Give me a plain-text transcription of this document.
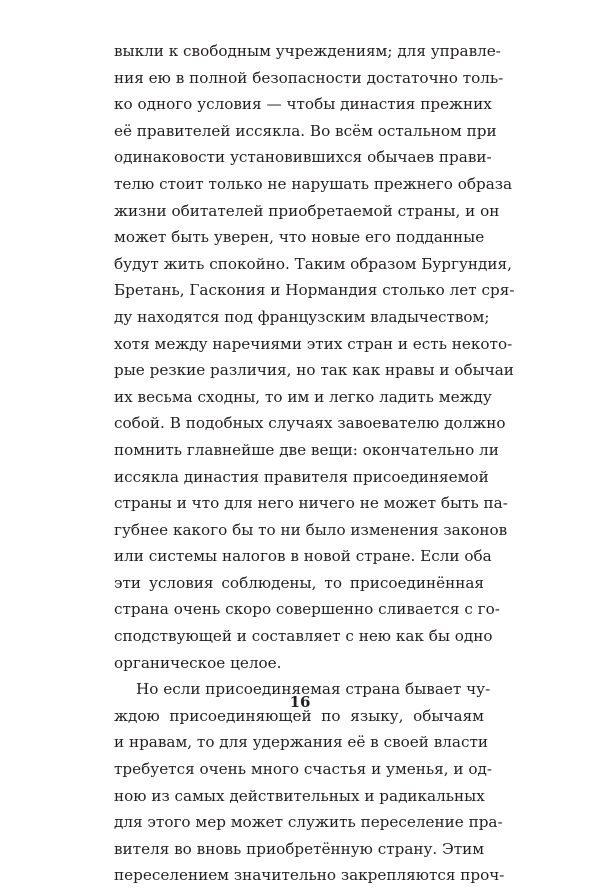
выкли к свободным учреждениям; для управле-
ния ею в полной безопасности достаточно толь-
ко одного условия — чтобы династия прежних
её правителей иссякла. Во всём остальном при
одинаковости установившихся обычаев прави-
телю стоит только не нарушать прежнего образа
жизни обитателей приобретаемой страны, и он
может быть уверен, что новые его подданные
будут жить спокойно. Таким образом Бургундия,
Бретань, Гаскония и Нормандия столько лет сря-
ду находятся под французским владычеством;
хотя между наречиями этих стран и есть некото-
рые резкие различия, но так как нравы и обычаи
их весьма сходны, то им и легко ладить между
собой. В подобных случаях завоевателю должно
помнить главнейше две вещи: окончательно ли
иссякла династия правителя присоединяемой
страны и что для него ничего не может быть па-
губнее какого бы то ни было изменения законов
или системы налогов в новой стране. Если оба
эти условия соблюдены, то присоединённая
страна очень скоро совершенно сливается с го-
сподствующей и составляет с нею как бы одно
органическое целое.
Но если присоединяемая страна бывает чу-
ждою присоединяющей по языку, обычаям
и нравам, то для удержания её в своей власти
требуется очень много счастья и уменья, и од-
ною из самых действительных и радикальных
для этого мер может служить переселение пра-
вителя во вновь приобретённую страну. Этим
переселением значительно закрепляются проч-
16
